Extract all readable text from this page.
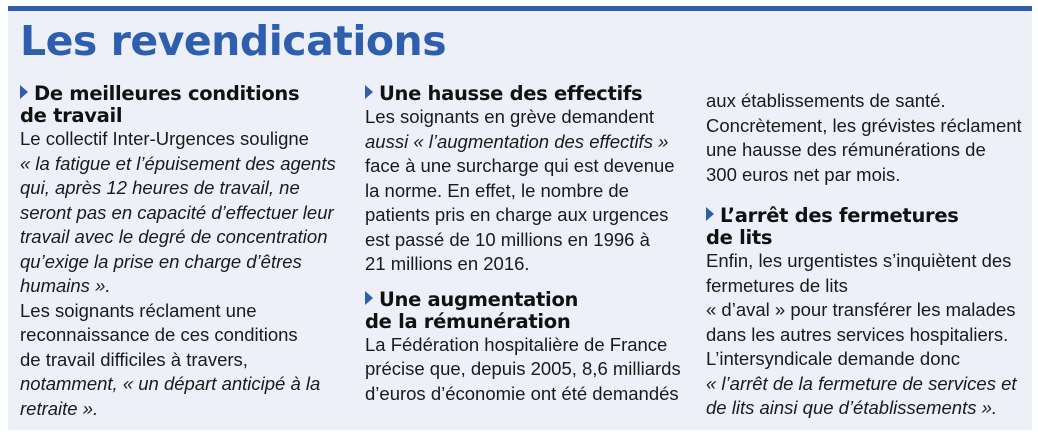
Les revendications
De meilleures conditions
de travail
Le collectif Inter-Urgences souligne
« la fatigue et l’épuisement des agents
qui, après 12 heures de travail, ne
seront pas en capacité d’effectuer leur
travail avec le degré de concentration
qu’exige la prise en charge d’êtres
humains ».
Les soignants réclament une
reconnaissance de ces conditions
de travail difficiles à travers,
notamment, « un départ anticipé à la
retraite ».
Une hausse des effectifs
Les soignants en grève demandent
aussi « l’augmentation des effectifs »
face à une surcharge qui est devenue
la norme. En effet, le nombre de
patients pris en charge aux urgences
est passé de 10 millions en 1996 à
21 millions en 2016.
Une augmentation
de la rémunération
La Fédération hospitalière de France
précise que, depuis 2005, 8,6 milliards
d’euros d’économie ont été demandés
aux établissements de santé.
Concrètement, les grévistes réclament
une hausse des rémunérations de
300 euros net par mois.
L’arrêt des fermetures
de lits
Enfin, les urgentistes s’inquiètent des
fermetures de lits
« d’aval » pour transférer les malades
dans les autres services hospitaliers.
L’intersyndicale demande donc
« l’arrêt de la fermeture de services et
de lits ainsi que d’établissements ».
